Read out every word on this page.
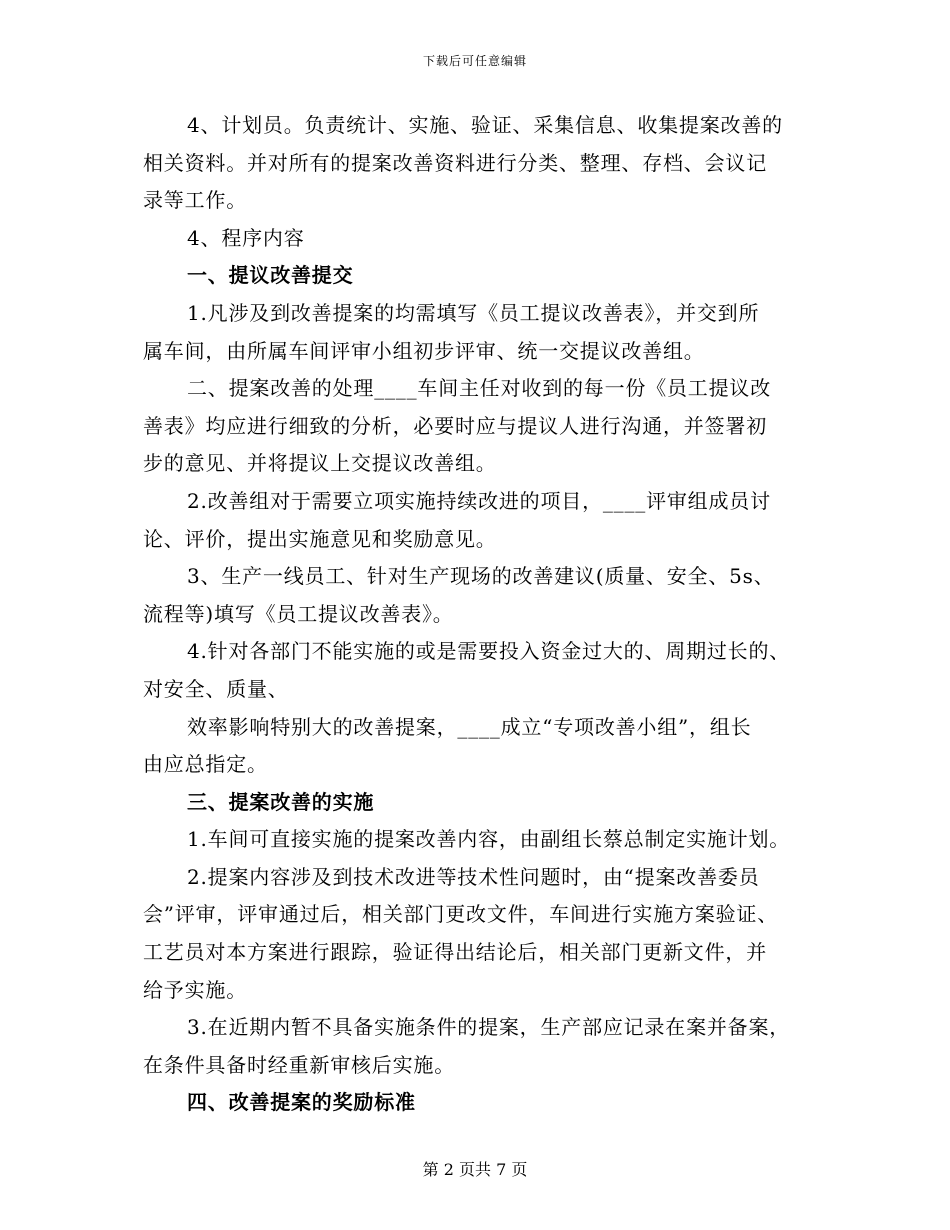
下载后可任意编辑
4、计划员。负责统计、实施、验证、采集信息、收集提案改善的
相关资料。并对所有的提案改善资料进行分类、整理、存档、会议记
录等工作。
4、程序内容
一、提议改善提交
1.凡涉及到改善提案的均需填写《员工提议改善表》，并交到所
属车间，由所属车间评审小组初步评审、统一交提议改善组。
二、提案改善的处理____车间主任对收到的每一份《员工提议改
善表》均应进行细致的分析，必要时应与提议人进行沟通，并签署初
步的意见、并将提议上交提议改善组。
2.改善组对于需要立项实施持续改进的项目，____评审组成员讨
论、评价，提出实施意见和奖励意见。
3、生产一线员工、针对生产现场的改善建议(质量、安全、5s、
流程等)填写《员工提议改善表》。
4.针对各部门不能实施的或是需要投入资金过大的、周期过长的、
对安全、质量、
效率影响特别大的改善提案，____成立“专项改善小组”，组长
由应总指定。
三、提案改善的实施
1.车间可直接实施的提案改善内容，由副组长蔡总制定实施计划。
2.提案内容涉及到技术改进等技术性问题时，由“提案改善委员
会”评审，评审通过后，相关部门更改文件，车间进行实施方案验证、
工艺员对本方案进行跟踪，验证得出结论后，相关部门更新文件，并
给予实施。
3.在近期内暂不具备实施条件的提案，生产部应记录在案并备案，
在条件具备时经重新审核后实施。
四、改善提案的奖励标准
第 2 页共 7 页
